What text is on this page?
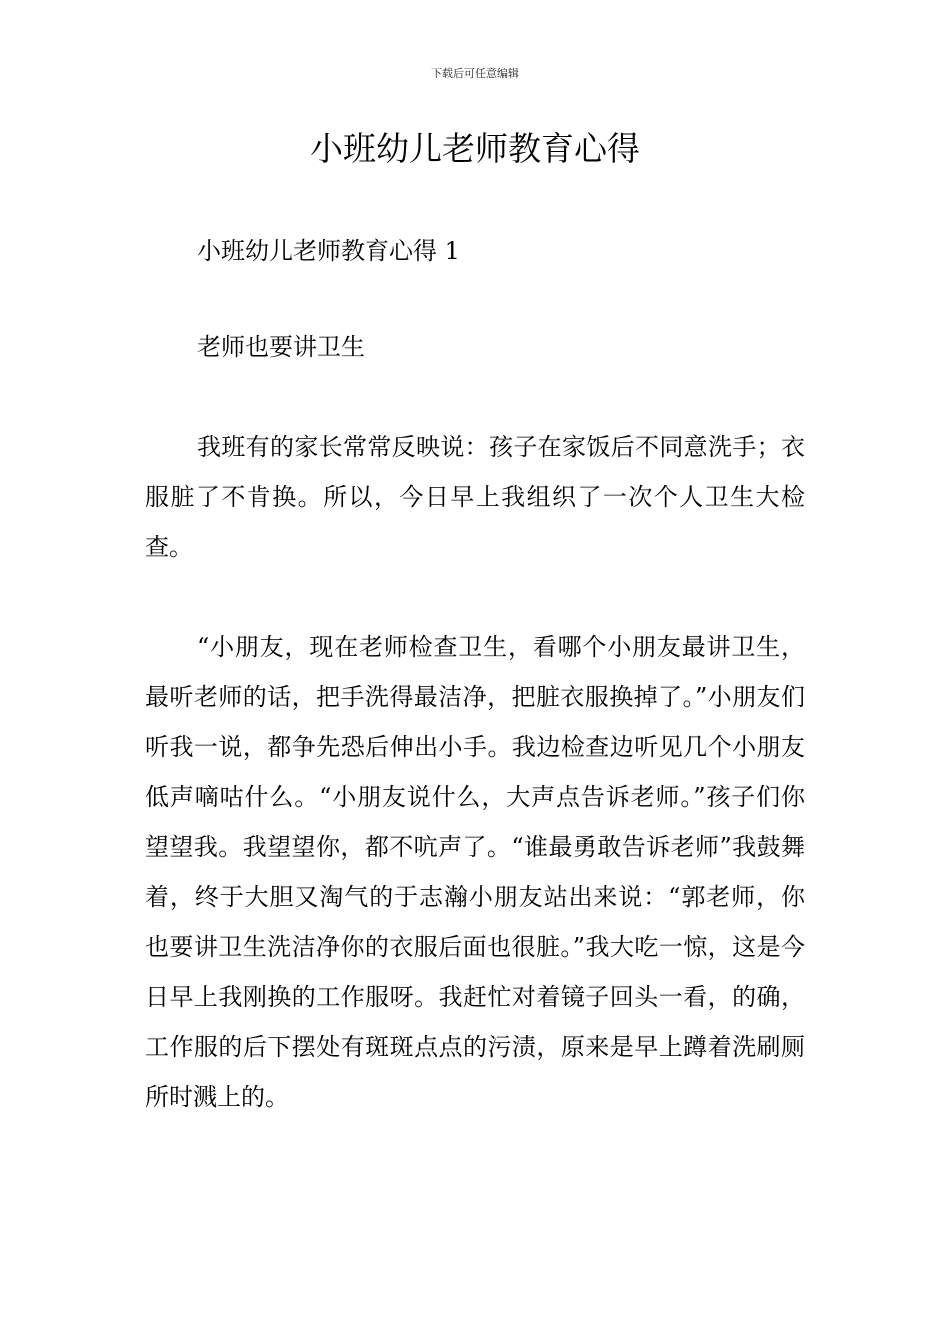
下载后可任意编辑
小班幼儿老师教育心得

小班幼儿老师教育心得 1

老师也要讲卫生

我班有的家长常常反映说：孩子在家饭后不同意洗手；衣服脏了不肯换。所以，今日早上我组织了一次个人卫生大检查。

“小朋友，现在老师检查卫生，看哪个小朋友最讲卫生，最听老师的话，把手洗得最洁净，把脏衣服换掉了。”小朋友们听我一说，都争先恐后伸出小手。我边检查边听见几个小朋友低声嘀咕什么。“小朋友说什么，大声点告诉老师。”孩子们你望望我。我望望你，都不吭声了。“谁最勇敢告诉老师”我鼓舞着，终于大胆又淘气的于志瀚小朋友站出来说：“郭老师，你也要讲卫生洗洁净你的衣服后面也很脏。”我大吃一惊，这是今日早上我刚换的工作服呀。我赶忙对着镜子回头一看，的确，工作服的后下摆处有斑斑点点的污渍，原来是早上蹲着洗刷厕所时溅上的。
